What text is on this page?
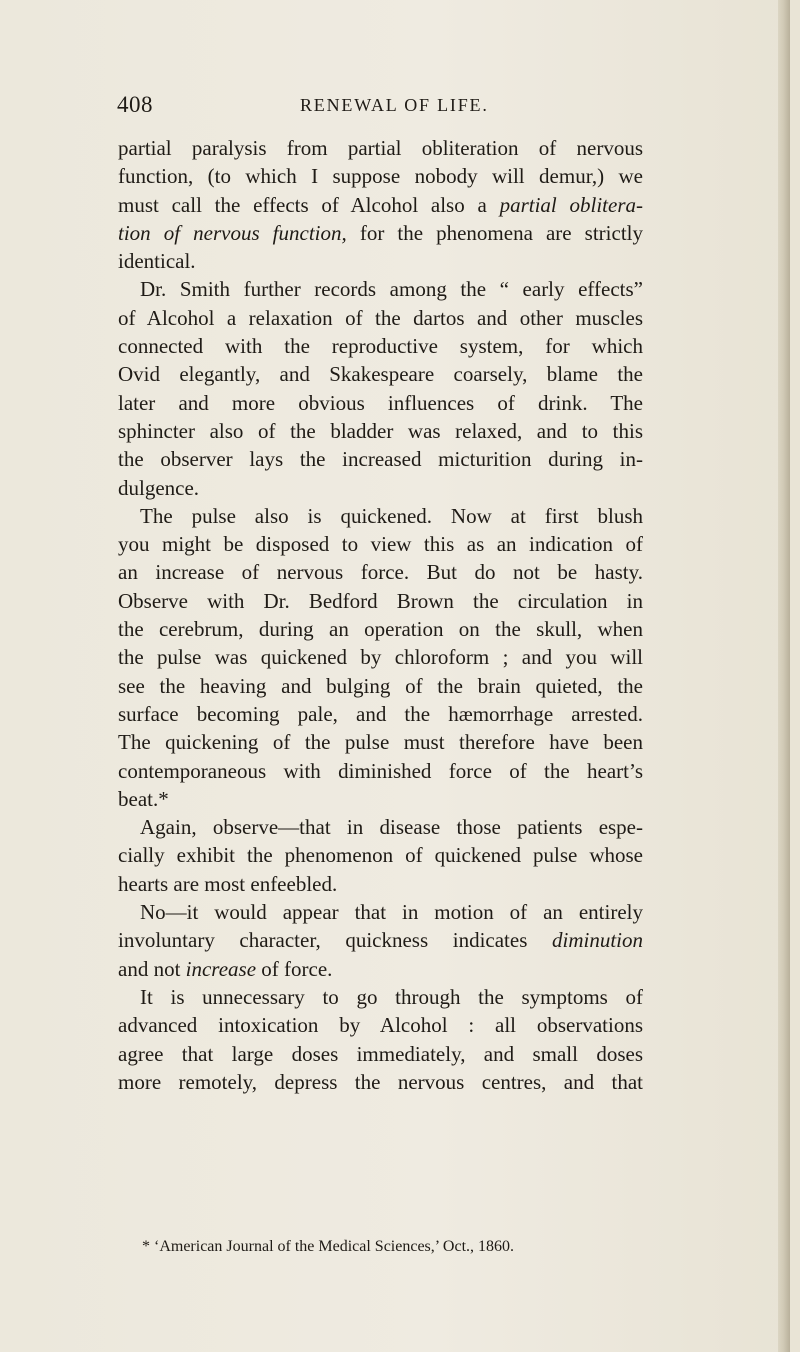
408	RENEWAL OF LIFE.
partial paralysis from partial obliteration of nervous
function, (to which I suppose nobody will demur,) we
must call the effects of Alcohol also a partial oblitera-
tion of nervous function, for the phenomena are strictly
identical.
Dr. Smith further records among the “ early effects”
of Alcohol a relaxation of the dartos and other muscles
connected with the reproductive system, for which
Ovid elegantly, and Skakespeare coarsely, blame the
later and more obvious influences of drink. The
sphincter also of the bladder was relaxed, and to this
the observer lays the increased micturition during in-
dulgence.
The pulse also is quickened. Now at first blush
you might be disposed to view this as an indication of
an increase of nervous force. But do not be hasty.
Observe with Dr. Bedford Brown the circulation in
the cerebrum, during an operation on the skull, when
the pulse was quickened by chloroform ; and you will
see the heaving and bulging of the brain quieted, the
surface becoming pale, and the hæmorrhage arrested.
The quickening of the pulse must therefore have been
contemporaneous with diminished force of the heart’s
beat.*
Again, observe—that in disease those patients espe-
cially exhibit the phenomenon of quickened pulse whose
hearts are most enfeebled.
No—it would appear that in motion of an entirely
involuntary character, quickness indicates diminution
and not increase of force.
It is unnecessary to go through the symptoms of
advanced intoxication by Alcohol : all observations
agree that large doses immediately, and small doses
more remotely, depress the nervous centres, and that
* ‘American Journal of the Medical Sciences,’ Oct., 1860.
